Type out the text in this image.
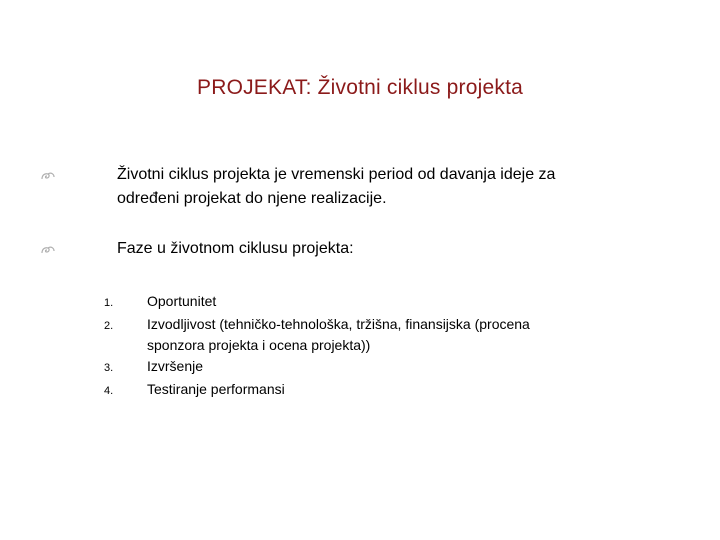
PROJEKAT: Životni ciklus projekta

Životni ciklus projekta je vremenski period od davanja ideje za

određeni projekat do njene realizacije.

Faze u životnom ciklusu projekta:

1.	Oportunitet

2.	Izvodljivost (tehničko-tehnološka, tržišna, finansijska (procena

sponzora projekta i ocena projekta))

3.	Izvršenje

4.	Testiranje performansi
